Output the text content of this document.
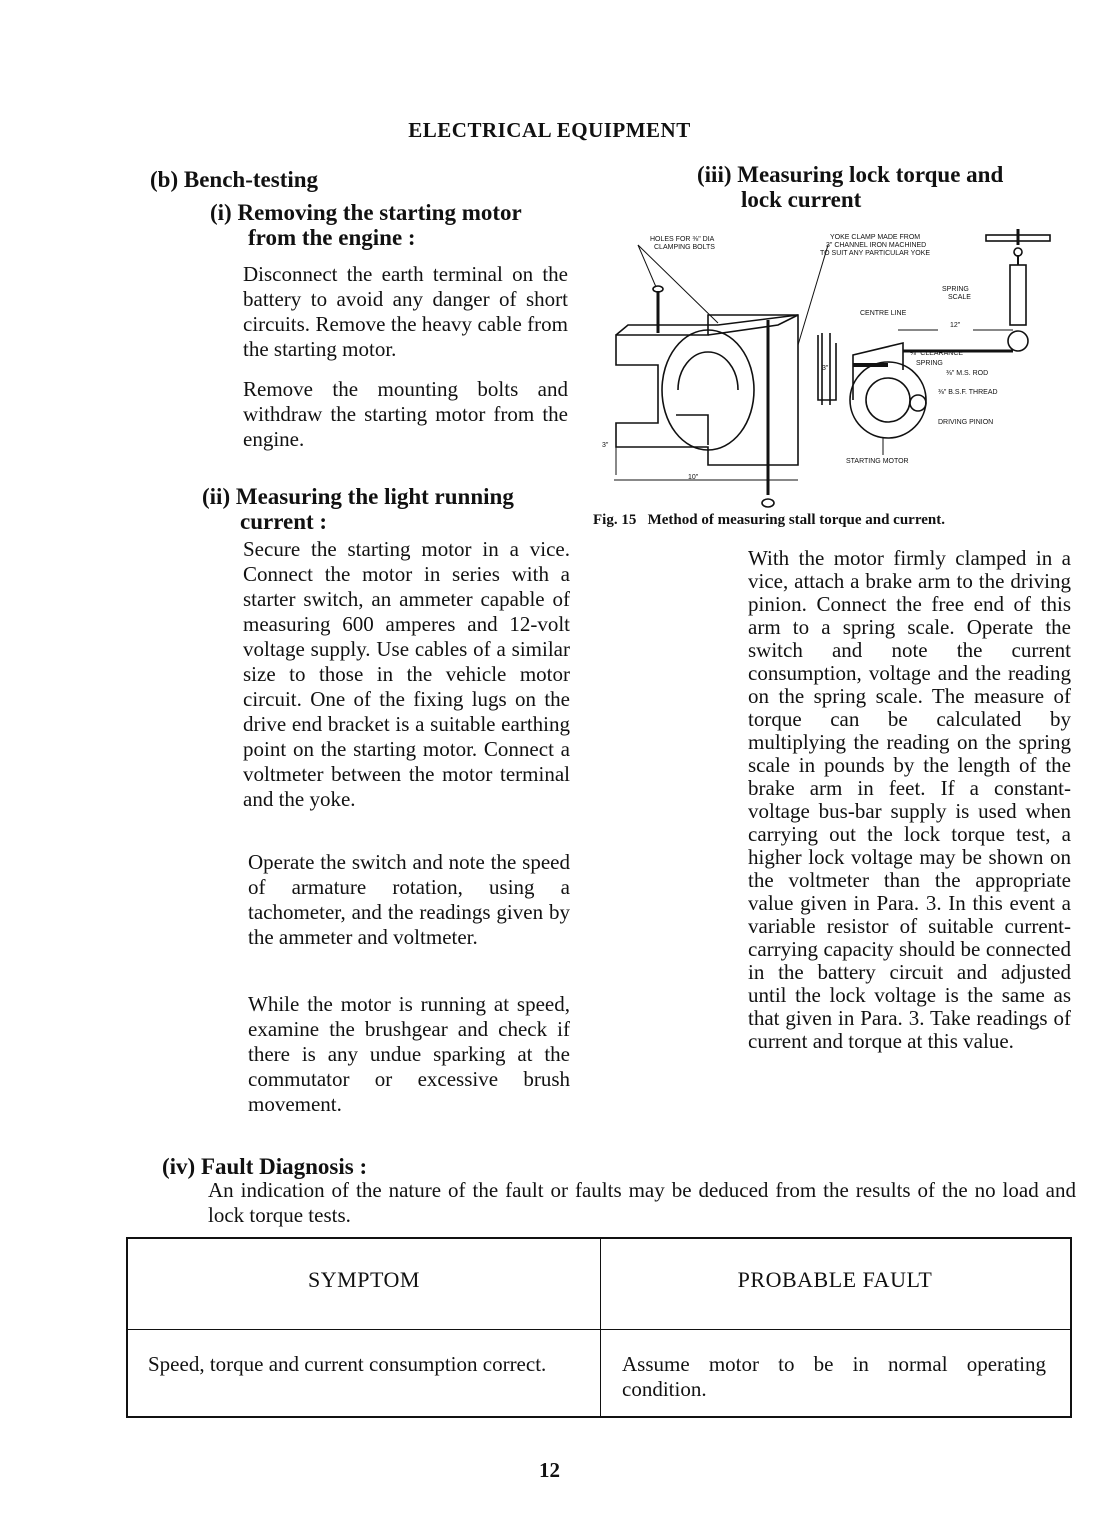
ELECTRICAL EQUIPMENT
(b) Bench-testing
(i) Removing the starting motor
from the engine :

Disconnect the earth terminal on the battery to avoid any danger of short circuits. Remove the heavy cable from the starting motor.

Remove the mounting bolts and withdraw the starting motor from the engine.

(ii) Measuring the light running
current :

Secure the starting motor in a vice. Connect the motor in series with a starter switch, an ammeter capable of measuring 600 amperes and 12-volt voltage supply. Use cables of a similar size to those in the vehicle motor circuit. One of the fixing lugs on the drive end bracket is a suitable earthing point on the starting motor. Connect a voltmeter between the motor terminal and the yoke.

Operate the switch and note the speed of armature rotation, using a tachometer, and the readings given by the ammeter and voltmeter.

While the motor is running at speed, examine the brushgear and check if there is any undue sparking at the commutator or excessive brush movement.

(iii) Measuring lock torque and
lock current
HOLES FOR ⅜" DIA
CLAMPING BOLTS
YOKE CLAMP MADE FROM
3" CHANNEL IRON MACHINED
TO SUIT ANY PARTICULAR YOKE
SPRING
SCALE
CENTRE LINE
12"
⅛" CLEARANCE
SPRING
⅜" M.S. ROD
⅜" B.S.F. THREAD
DRIVING PINION
STARTING MOTOR
3"
3"
10"
Fig. 15 Method of measuring stall torque and current.

With the motor firmly clamped in a vice, attach a brake arm to the driving pinion. Connect the free end of this arm to a spring scale. Operate the switch and note the current consumption, voltage and the reading on the spring scale. The measure of torque can be calculated by multiplying the reading on the spring scale in pounds by the length of the brake arm in feet. If a constant-voltage bus-bar supply is used when carrying out the lock torque test, a higher lock voltage may be shown on the voltmeter than the appropriate value given in Para. 3. In this event a variable resistor of suitable current-carrying capacity should be connected in the battery circuit and adjusted until the lock voltage is the same as that given in Para. 3. Take readings of current and torque at this value.

(iv) Fault Diagnosis :

An indication of the nature of the fault or faults may be deduced from the results of the no load and lock torque tests.

SYMPTOM	PROBABLE FAULT
Speed, torque and current consumption correct.	Assume motor to be in normal operating condition.
12
